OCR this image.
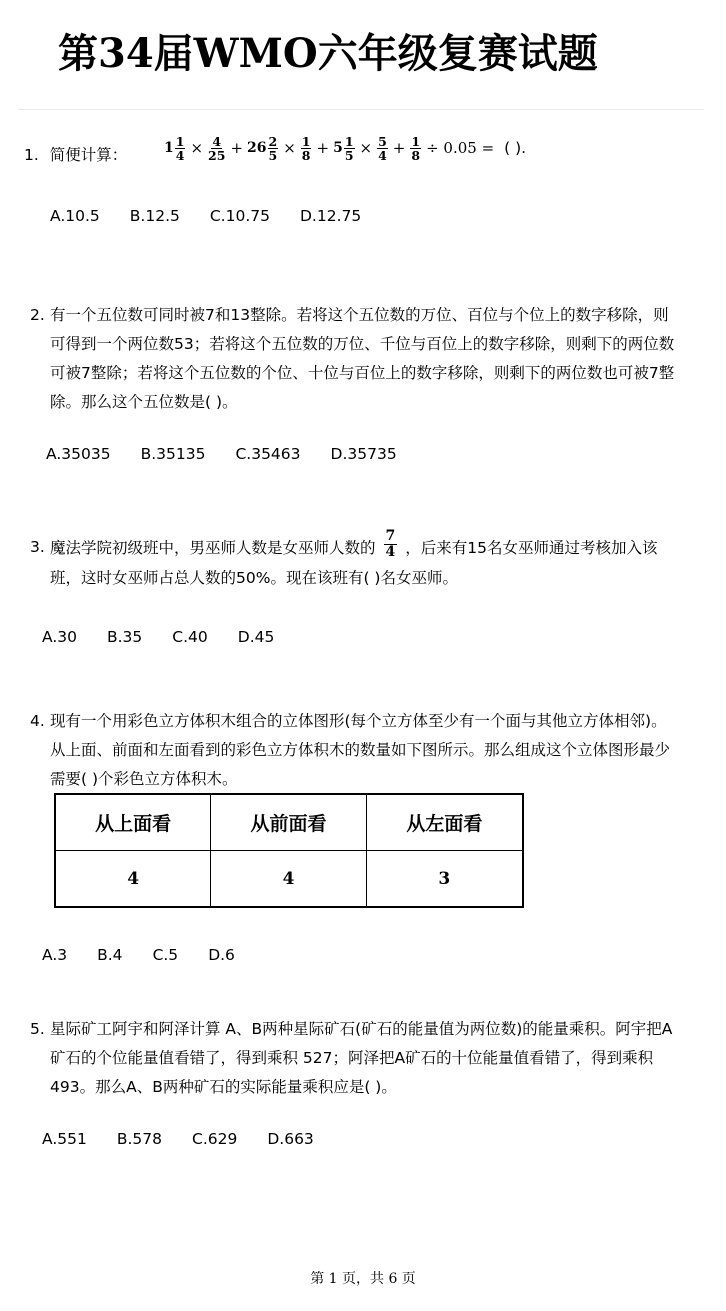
第34届WMO六年级复赛试题
1. 简便计算：	$1 \frac{1}{4} \times \frac{4}{25} + 26 \frac{2}{5} \times \frac{1}{8} + 5 \frac{1}{5} \times \frac{5}{4} + \frac{1}{8} \div 0.05$ = ( ).
A.10.5 B.12.5 C.10.75 D.12.75
2. 有一个五位数可同时被7和13整除。若将这个五位数的万位、百位与个位上的数字移除，则
可得到一个两位数53；若将这个五位数的万位、千位与百位上的数字移除，则剩下的两位数
可被7整除；若将这个五位数的个位、十位与百位上的数字移除，则剩下的两位数也可被7整
除。那么这个五位数是( )。
A.35035 B.35135 C.35463 D.35735
3. 魔法学院初级班中，男巫师人数是女巫师人数的 $\frac{7}{4}$ ，后来有15名女巫师通过考核加入该
班，这时女巫师占总人数的50%。现在该班有( )名女巫师。
A.30 B.35 C.40 D.45
4. 现有一个用彩色立方体积木组合的立体图形(每个立方体至少有一个面与其他立方体相邻)。
从上面、前面和左面看到的彩色立方体积木的数量如下图所示。那么组成这个立体图形最少
需要( )个彩色立方体积木。
从上面看	从前面看	从左面看
4	4	3
A.3 B.4 C.5 D.6
5. 星际矿工阿宇和阿泽计算 A、B两种星际矿石(矿石的能量值为两位数)的能量乘积。阿宇把A
矿石的个位能量值看错了，得到乘积 527；阿泽把A矿石的十位能量值看错了，得到乘积
493。那么A、B两种矿石的实际能量乘积应是( )。
A.551 B.578 C.629 D.663
第 1 页，共 6 页
